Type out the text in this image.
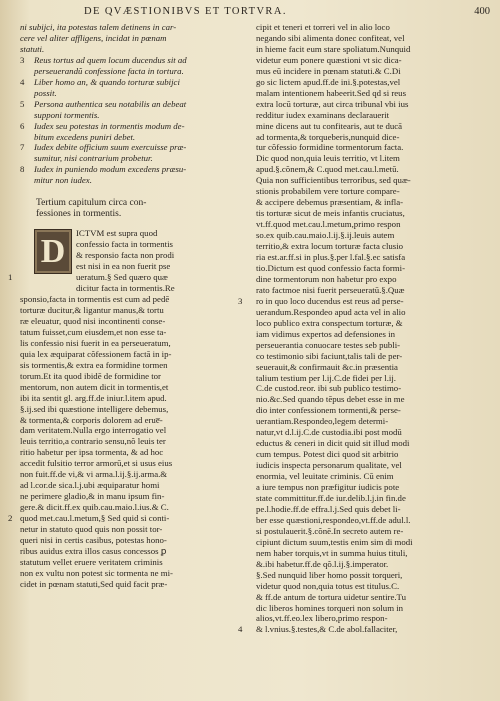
DE QVÆSTIONIBVS ET TORTVRA.	400
ni subijci, ita potestas talem detinens in car-
cere vel aliter affligens, incidat in pœnam
statuti.
3 Reus tortus ad quem locum ducendus sit ad
perseuerandũ confessione facta in tortura.
4 Liber homo an, & quando torturæ subijci
possit.
5 Persona authentica seu notabilis an debeat
supponi tormentis.
6 Iudex seu potestas in tormentis modum de-
bitum excedens puniri debet.
7 Iudex debite officium suum exercuisse præ-
sumitur, nisi contrarium probetur.
8 Iudex in puniendo modum excedens præsu-
mitur non iudex.
Tertium capitulum circa con-
fessiones in tormentis.
D	ICTVM est supra quod
confessio facta in tormentis
& responsio facta non prodi
est nisi in ea non fuerit pse
ueratum.§ Sed quæro quæ
1
dicitur facta in tormentis.Re
sponsio,facta in tormentis est cum ad pedē
torturæ ducitur,& ligantur manus,& tortu
ræ eleuatur, quod nisi incontinenti conse-
tatum fuisset,cum eiusdem,et non esse ta-
lis confessio nisi fuerit in ea perseueratum,
quia lex æquiparat cõfessionem factā in ip-
sis tormentis,& extra ea formidine tormen
torum.Et ita quod ibidē de formidine tor
mentorum, non autem dicit in tormentis,et
ibi ita sentit gl. arg.ff.de iniur.l.item apud.
§.ij.sed ibi quæstione intelligere debemus,
& tormenta,& corporis dolorem ad erue̅-
dam veritatem.Nulla ergo interrogatio vel
leuis territio,a contrario sensu,nõ leuis ter
ritio habetur per ipsa tormenta, & ad hoc
accedit fulsitio terror armorū,et si usus eius
non fuit.ff.de vi,& vi arma.l.ij.§.ij.arma.&
ad l.cor.de sica.l.j.ubi æquiparatur homi
ne perimere gladio,& in manu ipsum fin-
gere.& dicit.ff.ex quib.cau.maio.l.ius.& C.
2 quod met.cau.l.metum,§ Sed quid si conti-
netur in statuto quod quis non possit tor-
queri nisi in certis casibus, potestas hono-
ribus auidus extra illos casus concessos ꝑ
statutum vellet eruere veritatem criminis
non ex vultu non potest sic tormenta ne mi-
cidet in pœnam statuti,Sed quid facit præ-
cipit et teneri et torreri vel in alio loco
negando sibi alimenta donec confiteat, vel
in hieme facit eum stare spoliatum.Nunquid
videtur eum ponere quæstioni vt sic dica-
mus eū incidere in pœnam statuti.& C.Di
go sic lictem apud.ff.de ini.§.potestas,vel
malam intentionem habeerit.Sed qd si reus
extra locū torturæ, aut circa tribunal vbi ius
redditur iudex examinans declarauerit
mine dicens aut tu confitearis, aut te ducā
ad tormenta,& torqueberis,nunquid dice-
tur cõfessio formidine tormentorum facta.
Dic quod non,quia leuis territio, vt l.item
apud.§.cõnem,& C.quod met.cau.l.metū.
Quia non sufficientibus terroribus, sed quæ-
stionis probabilem vere torture compare-
& accipere debemus præsentiam, & infla-
tis torturæ sicut de meis infantis cruciatus,
vt.ff.quod met.cau.l.metum,primo respon
so.ex quib.cau.maio.l.ij.§.ij.leuis autem
territio,& extra locum torturæ facta clusio
ria est.ar.ff.si in plus.§.per l.fal.§.ec satisfa
tio.Dictum est quod confessio facta formi-
dine tormentorum non habetur pro expo
rato factmoe nisi fuerit perseueratū.§.Quæ
3 ro in quo loco ducendus est reus ad perse-
uerandum.Respondeo apud acta vel in alio
loco publico extra conspectum torturæ, &
iam vidimus expertos ad defensiones in
perseuerantia conuocare testes seb publi-
co testimonio sibi faciunt,talis tali de per-
seuerauit,& confirmauit &c.in præsentia
talium testium per l.ij.C.de fidei per l.ij.
C.de custod.reor. ibi sub publico testimo-
nio.&c.Sed quando tēpus debet esse in me
dio inter confessionem tormenti,& perse-
uerantiam.Respondeo,legem determi-
natur,vt d.l.ij.C.de custodia.ibi post modū
eductus & ceneri in dicit quid sit illud modi
cum tempus. Potest dici quod sit arbitrio
iudicis inspecta personarum qualitate, vel
enormia, vel leuitate criminis. Cū enim
a iure tempus non præfigitur iudicis pote
state committitur.ff.de iur.delib.l.j.in fin.de
pe.l.hodie.ff.de effra.l.j.Sed quis debet li-
ber esse quæstioni,respondeo,vt.ff.de adul.l.
si postulauerit.§.cõnē.In secreto autem re-
cipiunt dictum suum,testis enim sim di modi
nem haber torquis,vt in summa huius tituli,
&.ibi habetur.ff.de qõ.l.ij.§.imperator.
§.Sed nunquid liber homo possit torqueri,
videtur quod non,quia totus est titulus.C.
& ff.de antum de tortura uidetur sentire.Tu
dic liberos homines torqueri non solum in
alios,vt.ff.eo.lex libero,primo respon-
4 & l.vnius.§.testes,& C.de abol.fallaciter,
